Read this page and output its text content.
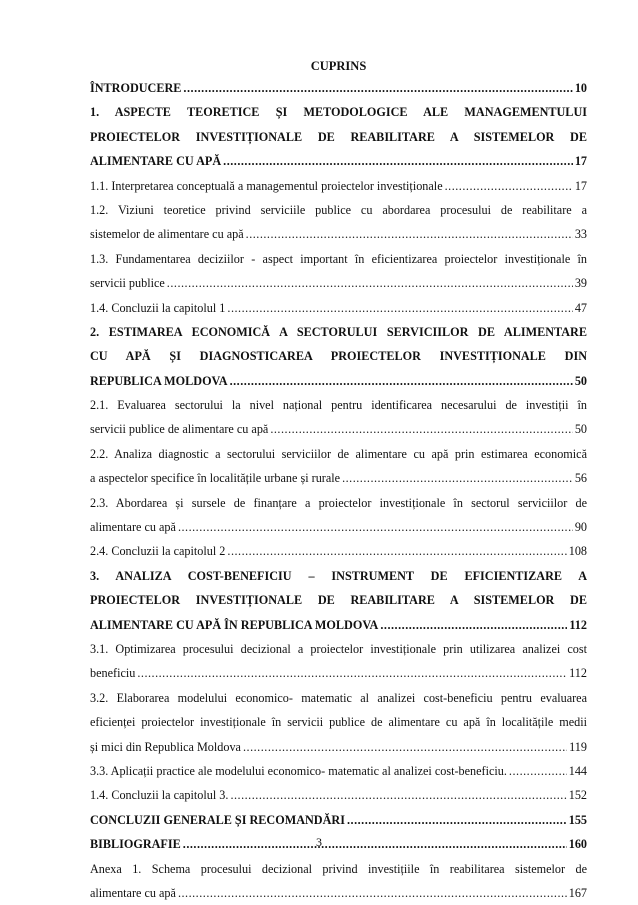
CUPRINS
ÎNTRODUCERE .....	10
1. ASPECTE TEORETICE ȘI METODOLOGICE ALE MANAGEMENTULUI
PROIECTELOR INVESTIȚIONALE DE REABILITARE A SISTEMELOR DE
ALIMENTARE CU APĂ .....	17
1.1. Interpretarea conceptuală a managementul proiectelor investiționale .....	17
1.2. Viziuni teoretice privind serviciile publice cu abordarea procesului de reabilitare a
sistemelor de alimentare cu apă .....	33
1.3. Fundamentarea deciziilor - aspect important în eficientizarea proiectelor investiționale în
servicii publice .....	39
1.4. Concluzii la capitolul 1 .....	47
2. ESTIMAREA ECONOMICĂ A SECTORULUI SERVICIILOR DE ALIMENTARE
CU APĂ ȘI DIAGNOSTICAREA PROIECTELOR INVESTIȚIONALE DIN
REPUBLICA MOLDOVA .....	50
2.1. Evaluarea sectorului la nivel național pentru identificarea necesarului de investiții în
servicii publice de alimentare cu apă .....	50
2.2. Analiza diagnostic a sectorului serviciilor de alimentare cu apă prin estimarea economică
a aspectelor specifice în localitățile urbane și rurale .....	56
2.3. Abordarea și sursele de finanțare a proiectelor investiționale în sectorul serviciilor de
alimentare cu apă .....	90
2.4. Concluzii la capitolul 2 .....	108
3. ANALIZA COST-BENEFICIU – INSTRUMENT DE EFICIENTIZARE A
PROIECTELOR INVESTIȚIONALE DE REABILITARE A SISTEMELOR DE
ALIMENTARE CU APĂ ÎN REPUBLICA MOLDOVA .....	112
3.1. Optimizarea procesului decizional a proiectelor investiționale prin utilizarea analizei cost
beneficiu .....	112
3.2. Elaborarea modelului economico- matematic al analizei cost-beneficiu pentru evaluarea
eficienței proiectelor investiționale în servicii publice de alimentare cu apă în localitățile medii
și mici din Republica Moldova .....	119
3.3. Aplicații practice ale modelului economico- matematic al analizei cost-beneficiu. .....	144
1.4. Concluzii la capitolul 3. .....	152
CONCLUZII GENERALE ȘI RECOMANDĂRI .....	155
BIBLIOGRAFIE .....	160
Anexa 1. Schema procesului decizional privind investițiile în reabilitarea sistemelor de
alimentare cu apă .....	167
3
